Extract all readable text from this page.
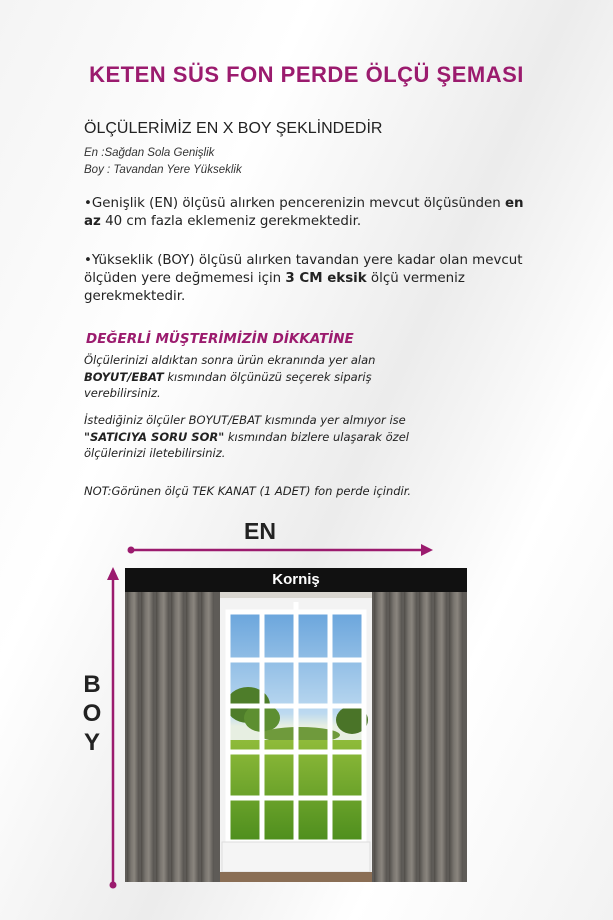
KETEN SÜS FON PERDE ÖLÇÜ ŞEMASI
ÖLÇÜLERİMİZ EN X BOY ŞEKLİNDEDİR
En :Sağdan Sola Genişlik
Boy : Tavandan Yere Yükseklik
•Genişlik (EN) ölçüsü alırken pencerenizin mevcut ölçüsünden en az 40 cm fazla eklemeniz gerekmektedir.
•Yükseklik (BOY) ölçüsü alırken tavandan yere kadar olan mevcut ölçüden yere değmemesi için 3 CM eksik ölçü vermeniz gerekmektedir.
DEĞERLİ MÜŞTERİMİZİN DİKKATİNE
Ölçülerinizi aldıktan sonra ürün ekranında yer alan BOYUT/EBAT kısmından ölçünüzü seçerek sipariş verebilirsiniz.
İstediğiniz ölçüler BOYUT/EBAT kısmında yer almıyor ise "SATICIYA SORU SOR" kısmından bizlere ulaşarak özel ölçülerinizi iletebilirsiniz.
NOT:Görünen ölçü TEK KANAT (1 ADET) fon perde içindir.
EN
Korniş
B
O
Y
